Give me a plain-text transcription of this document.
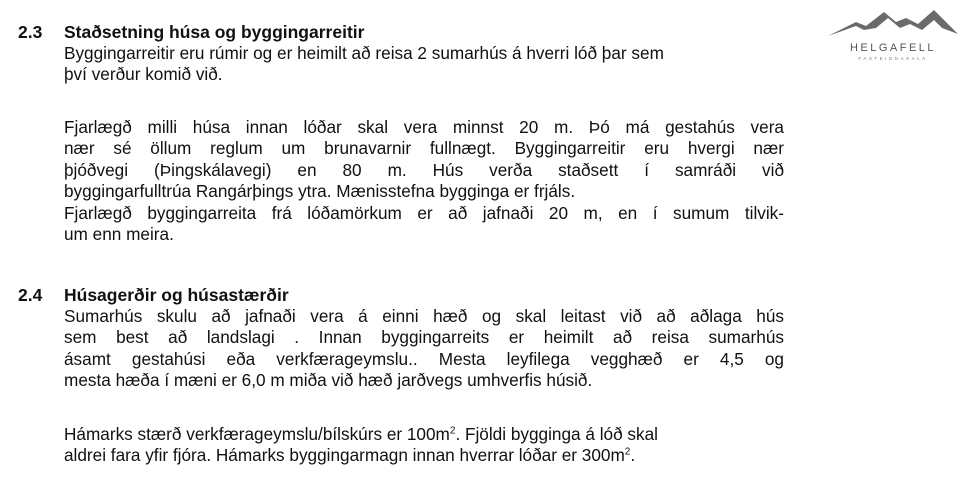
HELGAFELL
FASTEIGNASALA
2.3 Staðsetning húsa og byggingarreitir
Byggingarreitir eru rúmir og er heimilt að reisa 2 sumarhús á hverri lóð þar sem
því verður komið við.
Fjarlægð milli húsa innan lóðar skal vera minnst 20 m. Þó má gestahús vera
nær sé öllum reglum um brunavarnir fullnægt. Byggingarreitir eru hvergi nær
þjóðvegi (Þingskálavegi) en 80 m. Hús verða staðsett í samráði við
byggingarfulltrúa Rangárþings ytra. Mænisstefna bygginga er frjáls.
Fjarlægð byggingarreita frá lóðamörkum er að jafnaði 20 m, en í sumum tilvik-
um enn meira.
2.4 Húsagerðir og húsastærðir
Sumarhús skulu að jafnaði vera á einni hæð og skal leitast við að aðlaga hús
sem best að landslagi . Innan byggingarreits er heimilt að reisa sumarhús
ásamt gestahúsi eða verkfærageymslu.. Mesta leyfilega vegghæð er 4,5 og
mesta hæða í mæni er 6,0 m miða við hæð jarðvegs umhverfis húsið.
Hámarks stærð verkfærageymslu/bílskúrs er $100m^2$. Fjöldi bygginga á lóð skal
aldrei fara yfir fjóra. Hámarks byggingarmagn innan hverrar lóðar er $300m^2$.
